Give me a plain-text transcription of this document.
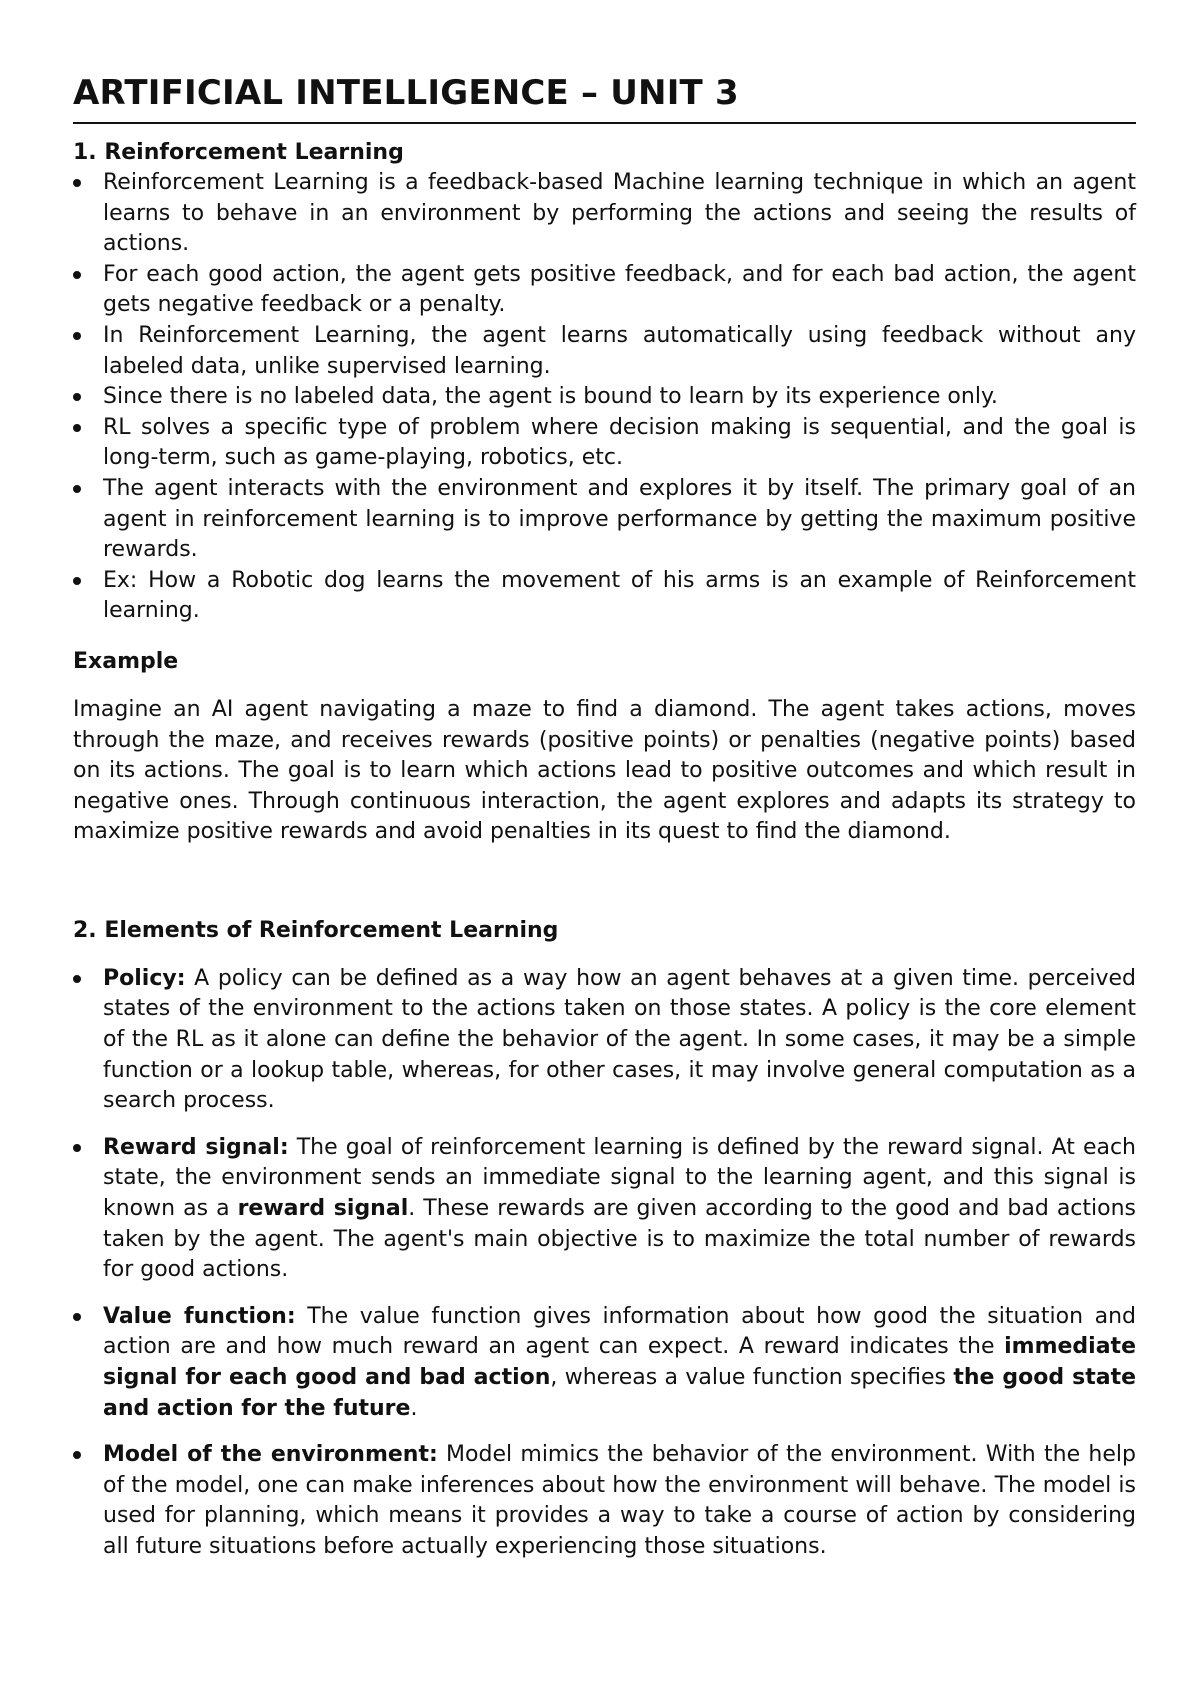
ARTIFICIAL INTELLIGENCE – UNIT 3
1. Reinforcement Learning
Reinforcement Learning is a feedback-based Machine learning technique in which an agent learns to behave in an environment by performing the actions and seeing the results of actions.
For each good action, the agent gets positive feedback, and for each bad action, the agent gets negative feedback or a penalty.
In Reinforcement Learning, the agent learns automatically using feedback without any labeled data, unlike supervised learning.
Since there is no labeled data, the agent is bound to learn by its experience only.
RL solves a specific type of problem where decision making is sequential, and the goal is long-term, such as game-playing, robotics, etc.
The agent interacts with the environment and explores it by itself. The primary goal of an agent in reinforcement learning is to improve performance by getting the maximum positive rewards.
Ex: How a Robotic dog learns the movement of his arms is an example of Reinforcement learning.
Example

Imagine an AI agent navigating a maze to find a diamond. The agent takes actions, moves through the maze, and receives rewards (positive points) or penalties (negative points) based on its actions. The goal is to learn which actions lead to positive outcomes and which result in negative ones. Through continuous interaction, the agent explores and adapts its strategy to maximize positive rewards and avoid penalties in its quest to find the diamond.

2. Elements of Reinforcement Learning
Policy: A policy can be defined as a way how an agent behaves at a given time. perceived states of the environment to the actions taken on those states. A policy is the core element of the RL as it alone can define the behavior of the agent. In some cases, it may be a simple function or a lookup table, whereas, for other cases, it may involve general computation as a search process.
Reward signal: The goal of reinforcement learning is defined by the reward signal. At each state, the environment sends an immediate signal to the learning agent, and this signal is known as a reward signal. These rewards are given according to the good and bad actions taken by the agent. The agent's main objective is to maximize the total number of rewards for good actions.
Value function: The value function gives information about how good the situation and action are and how much reward an agent can expect. A reward indicates the immediate signal for each good and bad action, whereas a value function specifies the good state and action for the future.
Model of the environment: Model mimics the behavior of the environment. With the help of the model, one can make inferences about how the environment will behave. The model is used for planning, which means it provides a way to take a course of action by considering all future situations before actually experiencing those situations.
